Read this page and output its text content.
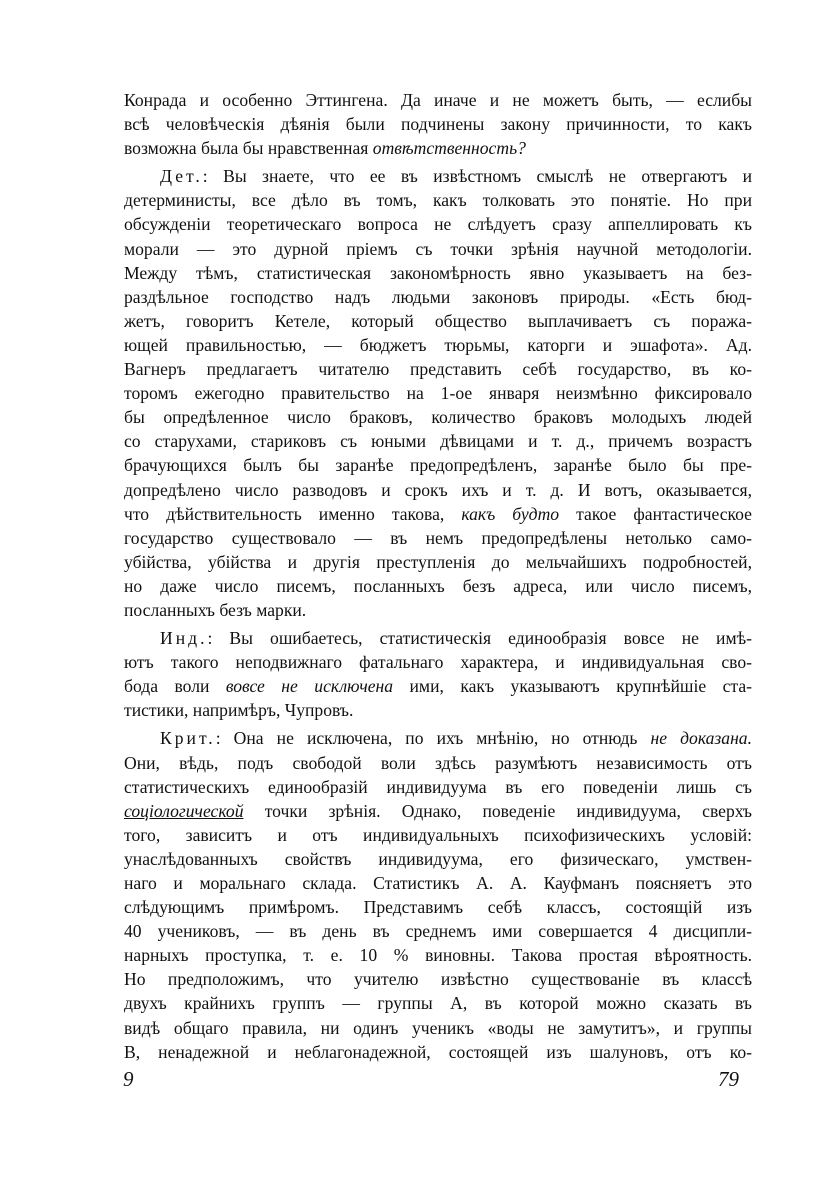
Конрада и особенно Эттингена. Да иначе и не можетъ быть, — еслибы
всѣ человѣческія дѣянія были подчинены закону причинности, то какъ
возможна была бы нравственная отвѣтственность?
Дет.: Вы знаете, что ее въ извѣстномъ смыслѣ не отвергаютъ и
детерминисты, все дѣло въ томъ, какъ толковать это понятіе. Но при
обсужденіи теоретическаго вопроса не слѣдуетъ сразу аппеллировать къ
морали — это дурной пріемъ съ точки зрѣнія научной методологіи.
Между тѣмъ, статистическая закономѣрность явно указываетъ на без-
раздѣльное господство надъ людьми законовъ природы. «Есть бюд-
жетъ, говоритъ Кетеле, который общество выплачиваетъ съ поража-
ющей правильностью, — бюджетъ тюрьмы, каторги и эшафота». Ад.
Вагнеръ предлагаетъ читателю представить себѣ государство, въ ко-
торомъ ежегодно правительство на 1-ое января неизмѣнно фиксировало
бы опредѣленное число браковъ, количество браковъ молодыхъ людей
со старухами, стариковъ съ юными дѣвицами и т. д., причемъ возрастъ
брачующихся былъ бы заранѣе предопредѣленъ, заранѣе было бы пре-
допредѣлено число разводовъ и срокъ ихъ и т. д. И вотъ, оказывается,
что дѣйствительность именно такова, какъ будто такое фантастическое
государство существовало — въ немъ предопредѣлены нетолько само-
убійства, убійства и другія преступленія до мельчайшихъ подробностей,
но даже число писемъ, посланныхъ безъ адреса, или число писемъ,
посланныхъ безъ марки.
Инд.: Вы ошибаетесь, статистическія единообразія вовсе не имѣ-
ютъ такого неподвижнаго фатальнаго характера, и индивидуальная сво-
бода воли вовсе не исключена ими, какъ указываютъ крупнѣйшіе ста-
тистики, напримѣръ, Чупровъ.
Крит.: Она не исключена, по ихъ мнѣнію, но отнюдь не доказана.
Они, вѣдь, подъ свободой воли здѣсь разумѣютъ независимость отъ
статистическихъ единообразій индивидуума въ его поведеніи лишь съ
соціологической точки зрѣнія. Однако, поведеніе индивидуума, сверхъ
того, зависитъ и отъ индивидуальныхъ психофизическихъ условій:
унаслѣдованныхъ свойствъ индивидуума, его физическаго, умствен-
наго и моральнаго склада. Статистикъ А. А. Кауфманъ поясняетъ это
слѣдующимъ примѣромъ. Представимъ себѣ классъ, состоящій изъ
40 учениковъ, — въ день въ среднемъ ими совершается 4 дисципли-
нарныхъ проступка, т. е. 10 % виновны. Такова простая вѣроятность.
Но предположимъ, что учителю извѣстно существованіе въ классѣ
двухъ крайнихъ группъ — группы А, въ которой можно сказать въ
видѣ общаго правила, ни одинъ ученикъ «воды не замутитъ», и группы
В, ненадежной и неблагонадежной, состоящей изъ шалуновъ, отъ ко-
9	79
